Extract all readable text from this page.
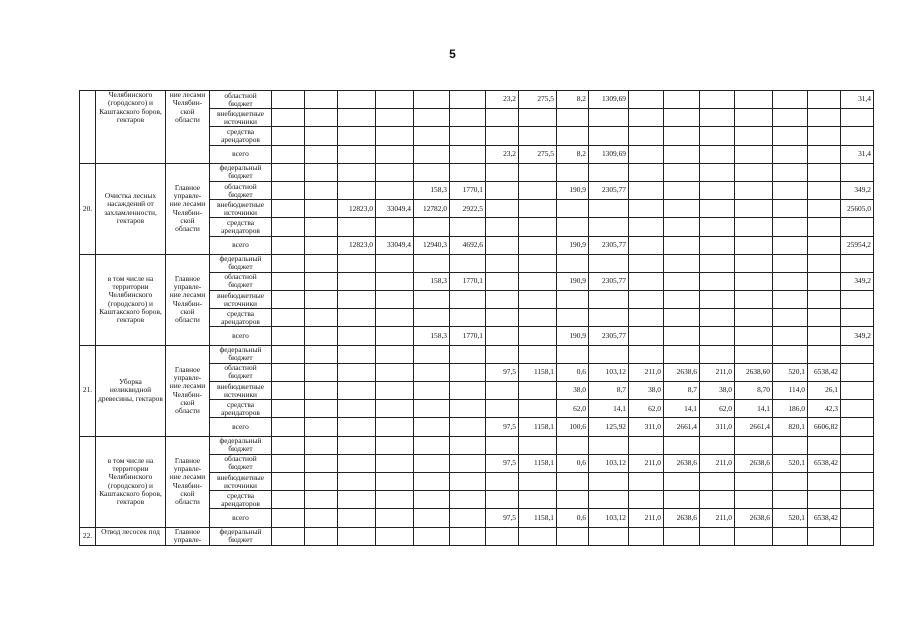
5
	Челябинского (городского) и Каштакского боров, гектаров	ние лесами Челябин- ской области	областной бюджет							23,2	275,5	8,2	1309,69							31,4
			внебюджетные источники																	
			средства арендаторов																	
			всего							23,2	275,5	8,2	1309,69							31,4
20.	Очистка лесных насаждений от захламленности, гектаров	Главное управле- ние лесами Челябин- ской области	федеральный бюджет																	
			областной бюджет					158,3	1770,1			190,9	2305,77							349,2
			внебюджетные источники			12823,0	33049,4	12782,0	2922,5											25605,0
			средства арендаторов																	
			всего			12823,0	33049,4	12940,3	4692,6			190,9	2305,77							25954,2
	в том числе на территории Челябинского (городского) и Каштакского боров, гектаров	Главное управле- ние лесами Челябин- ской области	федеральный бюджет																	
			областной бюджет					158,3	1770,1			190,9	2305,77							349,2
			внебюджетные источники																	
			средства арендаторов																	
			всего					158,3	1770,1			190,9	2305,77							349,2
21.	Уборка неликвидной древесины, гектаров	Главное управле- ние лесами Челябин- ской области	федеральный бюджет																	
			областной бюджет							97,5	1158,1	0,6	103,12	211,0	2638,6	211,0	2638,60	520,1	6538,42	
			внебюджетные источники									38,0	8,7	38,0	8,7	38,0	8,70	114,0	26,1	
			средства арендаторов									62,0	14,1	62,0	14,1	62,0	14,1	186,0	42,3	
			всего							97,5	1158,1	100,6	125,92	311,0	2661,4	311,0	2661,4	820,1	6606,82	
	в том числе на территории Челябинского (городского) и Каштакского боров, гектаров	Главное управле- ние лесами Челябин- ской области	федеральный бюджет																	
			областной бюджет							97,5	1158,1	0,6	103,12	211,0	2638,6	211,0	2638,6	520,1	6538,42	
			внебюджетные источники																	
			средства арендаторов																	
			всего							97,5	1158,1	0,6	103,12	211,0	2638,6	211,0	2638,6	520,1	6538,42	
22.	Отвод лесосек под	Главное управле-	федеральный бюджет																	
